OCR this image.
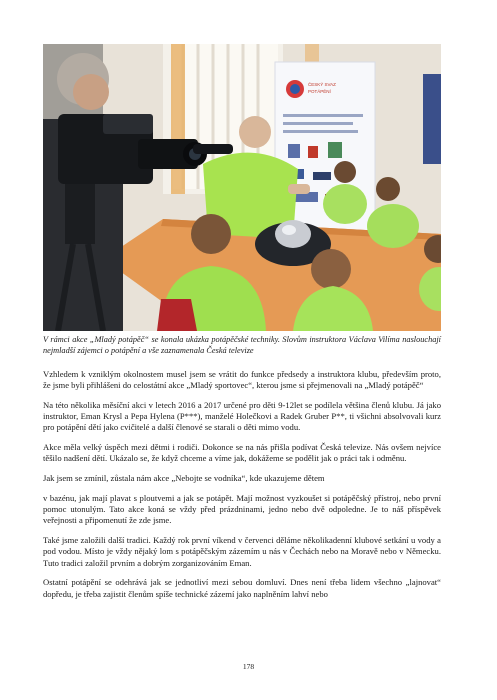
ČESKÝ SVAZ
POTÁPĚNÍ
V rámci akce „Mladý potápěč“ se konala ukázka potápěčské techniky. Slovům instruktora Václava Vilíma naslouchají nejmladší zájemci o potápění a vše zaznamenala Česká televize

Vzhledem k vzniklým okolnostem musel jsem se vrátit do funkce předsedy a instruktora klubu, především proto, že jsme byli přihlášeni do celostátní akce „Mladý sportovec“, kterou jsme si přejmenovali na „Mladý potápěč“

Na této několika měsíční akci v letech 2016 a 2017 určené pro děti 9-12let se podílela většina členů klubu. Já jako instruktor, Eman Krysl a Pepa Hylena (P***), manželé Holečkovi a Radek Gruber P**, ti všichni absolvovali kurz pro potápění dětí jako cvičitelé a další členové se starali o děti mimo vodu.

Akce měla velký úspěch mezi dětmi i rodiči. Dokonce se na nás přišla podívat Česká televize. Nás ovšem nejvíce těšilo nadšení dětí. Ukázalo se, že když chceme a víme jak, dokážeme se podělit jak o práci tak i odměnu.

Jak jsem se zmínil, zůstala nám akce „Nebojte se vodníka“, kde ukazujeme dětem

v bazénu, jak mají plavat s ploutvemi a jak se potápět. Mají možnost vyzkoušet si potápěčský přístroj, nebo první pomoc utonulým. Tato akce koná se vždy před prázdninami, jedno nebo dvě odpoledne. Je to náš příspěvek veřejnosti a připomenutí že zde jsme.

Také jsme založili další tradici. Každý rok první víkend v červenci děláme několikadenní klubové setkání u vody a pod vodou. Místo je vždy nějaký lom s potápěčským zázemím u nás v Čechách nebo na Moravě nebo v Německu. Tuto tradici založil prvním a dobrým zorganizováním Eman.

Ostatní potápění se odehrává jak se jednotliví mezi sebou domluví. Dnes není třeba lidem všechno „lajnovat“ dopředu, je třeba zajistit členům spíše technické zázemí jako naplněním lahví nebo

178
